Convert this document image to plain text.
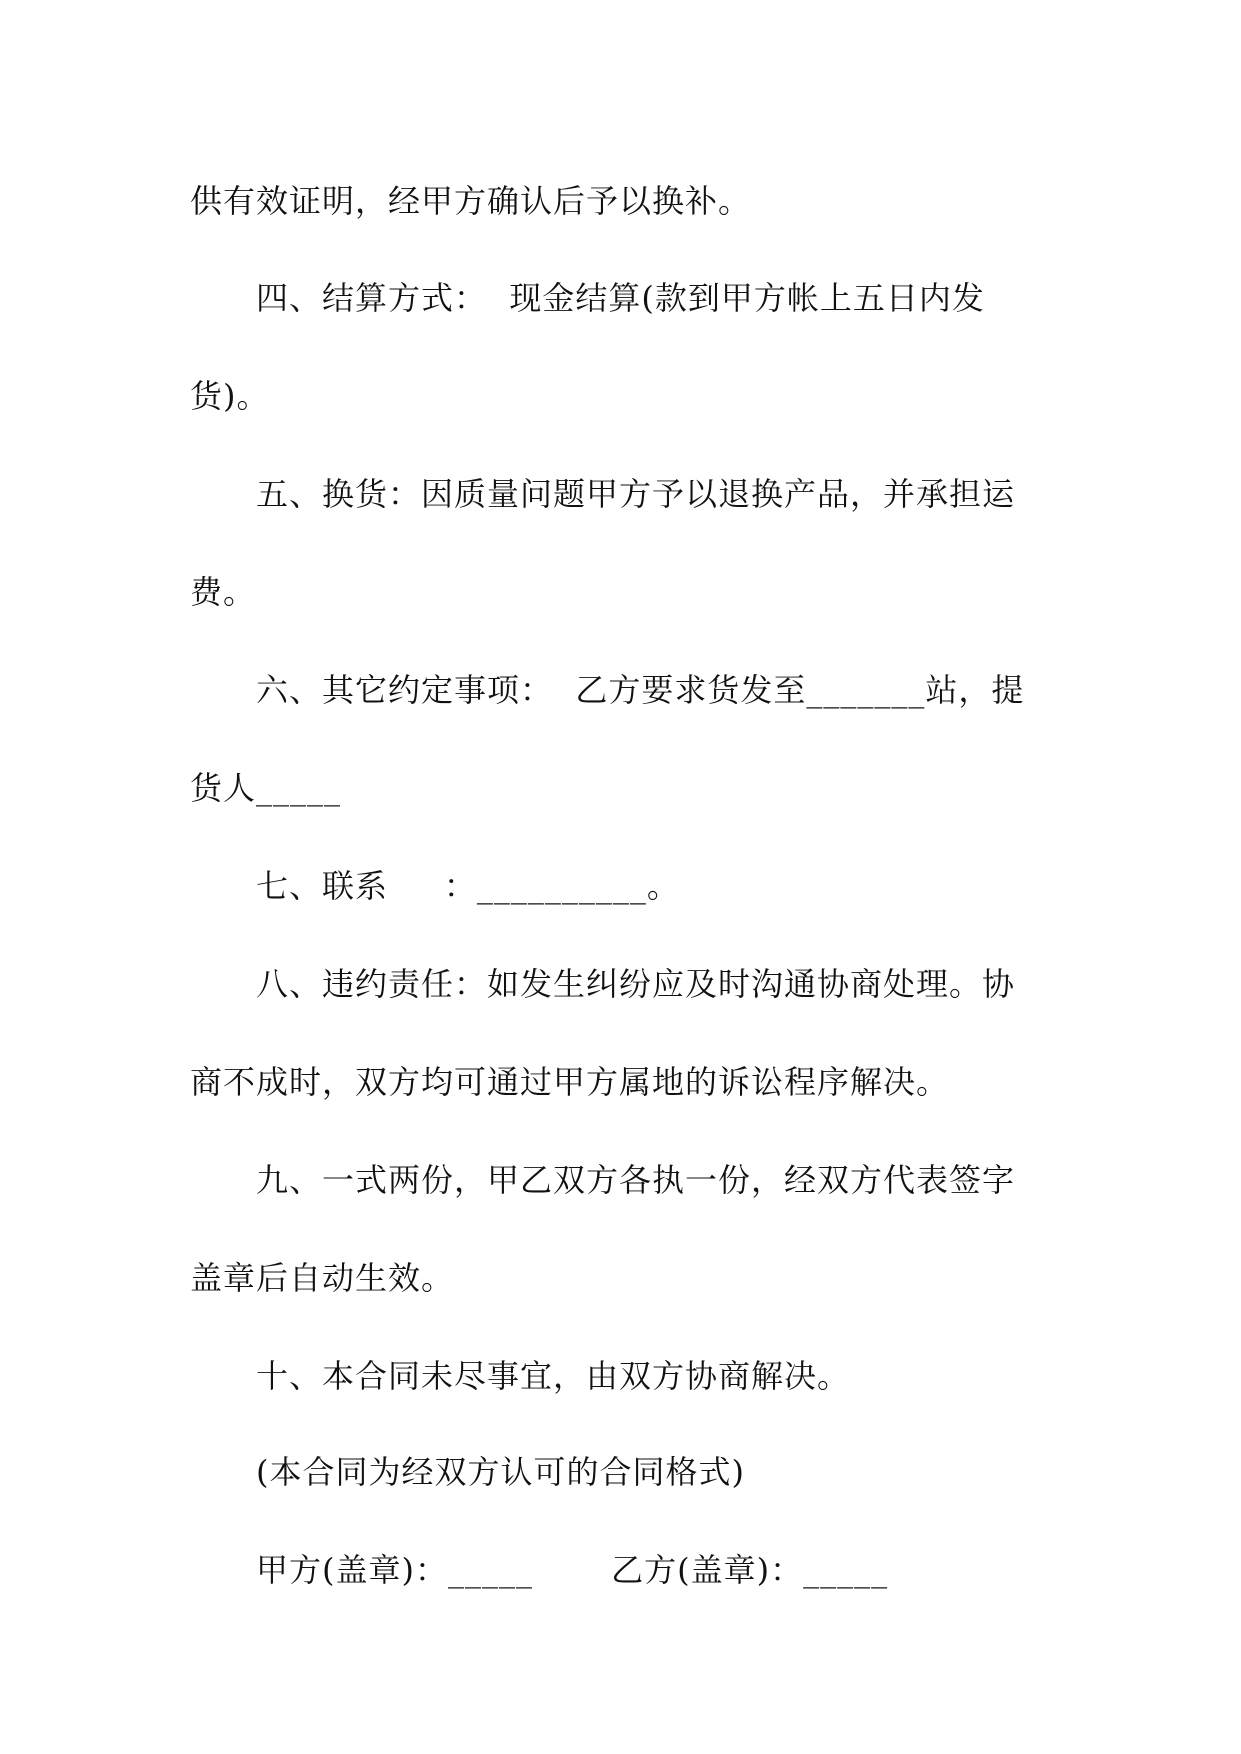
供有效证明，经甲方确认后予以换补。
四、结算方式：  现金结算(款到甲方帐上五日内发
货)。
五、换货：因质量问题甲方予以退换产品，并承担运
费。
六、其它约定事项：  乙方要求货发至_______站，提
货人_____
七、联系     ：__________。
八、违约责任：如发生纠纷应及时沟通协商处理。协
商不成时，双方均可通过甲方属地的诉讼程序解决。
九、一式两份，甲乙双方各执一份，经双方代表签字
盖章后自动生效。
十、本合同未尽事宜，由双方协商解决。
(本合同为经双方认可的合同格式)
甲方(盖章)：_____       乙方(盖章)：_____
